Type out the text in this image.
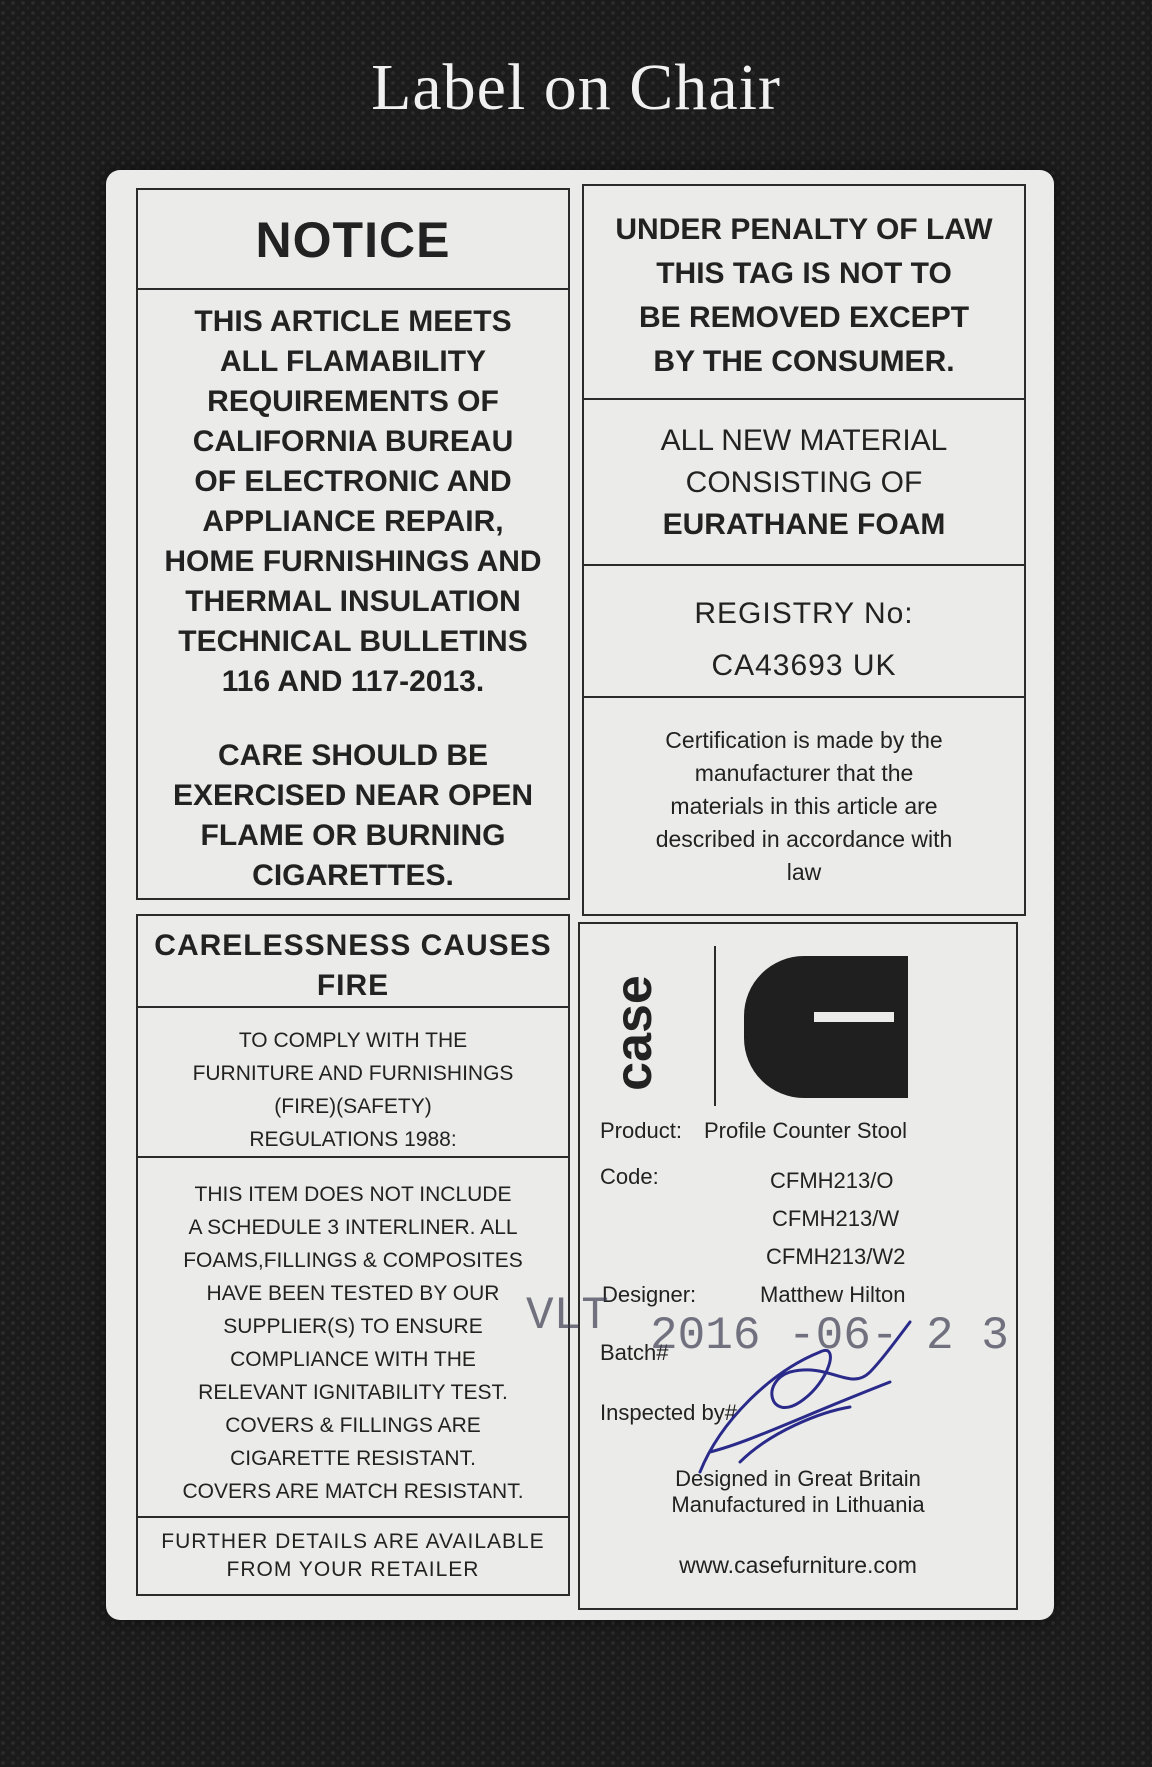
Label on Chair
NOTICE
THIS ARTICLE MEETS
ALL FLAMABILITY
REQUIREMENTS OF
CALIFORNIA BUREAU
OF ELECTRONIC AND
APPLIANCE REPAIR,
HOME FURNISHINGS AND
THERMAL INSULATION
TECHNICAL BULLETINS
116 AND 117-2013.
CARE SHOULD BE
EXERCISED NEAR OPEN
FLAME OR BURNING
CIGARETTES.
UNDER PENALTY OF LAW
THIS TAG IS NOT TO
BE REMOVED EXCEPT
BY THE CONSUMER.
ALL NEW MATERIAL
CONSISTING OF
EURATHANE FOAM
REGISTRY No:
CA43693 UK
Certification is made by the
manufacturer that the
materials in this article are
described in accordance with
law
CARELESSNESS CAUSES
FIRE
TO COMPLY WITH THE
FURNITURE AND FURNISHINGS
(FIRE)(SAFETY)
REGULATIONS 1988:
THIS ITEM DOES NOT INCLUDE
A SCHEDULE 3 INTERLINER. ALL
FOAMS,FILLINGS & COMPOSITES
HAVE BEEN TESTED BY OUR
SUPPLIER(S) TO ENSURE
COMPLIANCE WITH THE
RELEVANT IGNITABILITY TEST.
COVERS & FILLINGS ARE
CIGARETTE RESISTANT.
COVERS ARE MATCH RESISTANT.
FURTHER DETAILS ARE AVAILABLE
FROM YOUR RETAILER
case
Product: Profile Counter Stool
Code:	CFMH213/O
CFMH213/W
CFMH213/W2
Designer:	Matthew Hilton
Batch#
Inspected by#
VLT 2016 -06- 2 3
Designed in Great Britain
Manufactured in Lithuania
www.casefurniture.com
